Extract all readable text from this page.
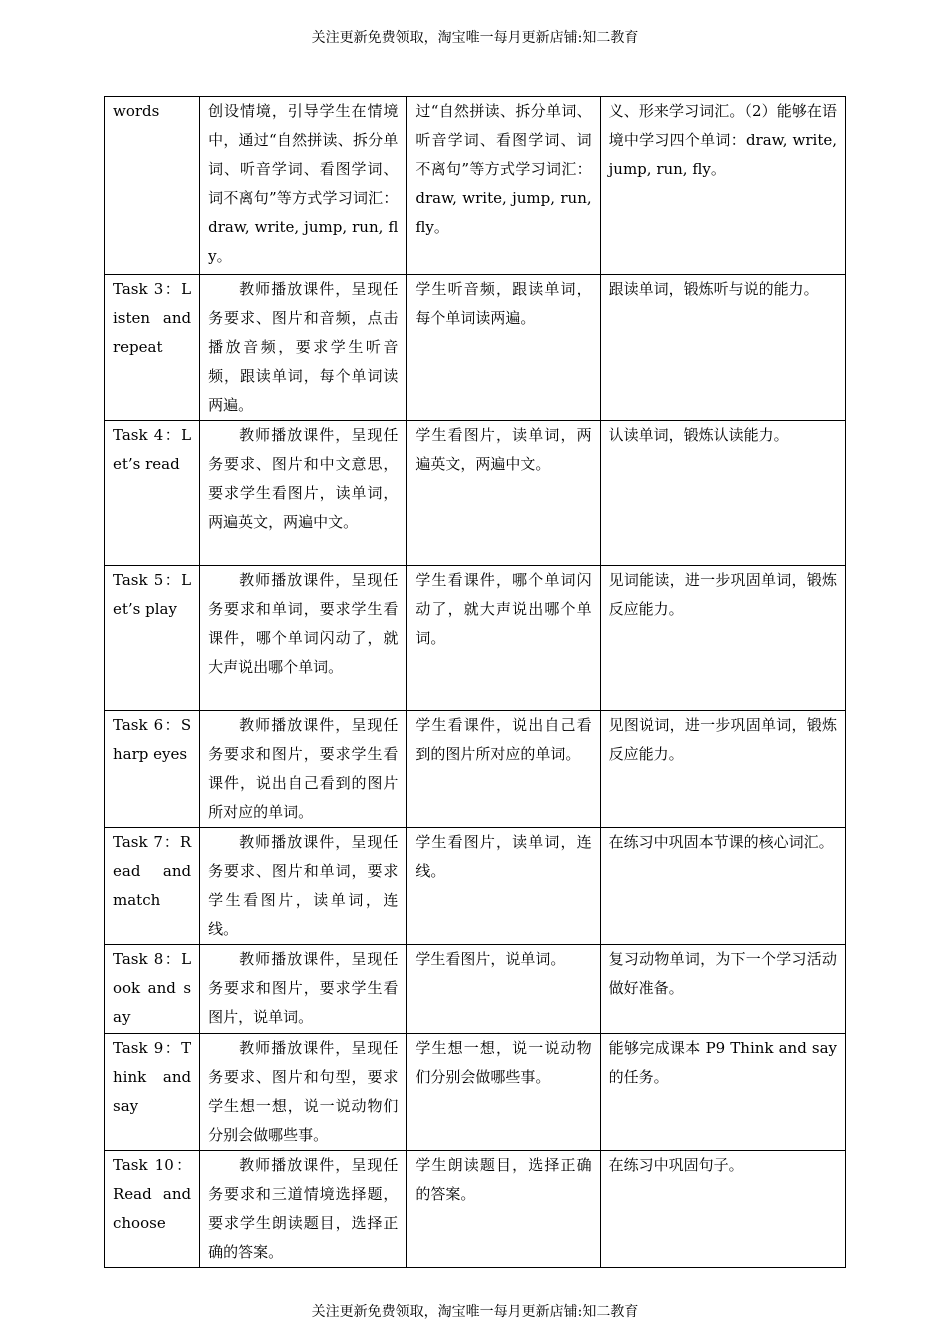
关注更新免费领取，淘宝唯一每月更新店铺:知二教育
words	创设情境，引导学生在情境中，通过“自然拼读、拆分单词、听音学词、看图学词、词不离句”等方式学习词汇：draw, write, jump, run, fly。	过“自然拼读、拆分单词、听音学词、看图学词、词不离句”等方式学习词汇：draw, write, jump, run, fly。	义、形来学习词汇。（2）能够在语境中学习四个单词：draw, write, jump, run, fly。
Task 3：Listen and repeat	教师播放课件，呈现任务要求、图片和音频，点击播放音频，要求学生听音频，跟读单词，每个单词读两遍。	学生听音频，跟读单词，每个单词读两遍。	跟读单词，锻炼听与说的能力。
Task 4：Let’s read	教师播放课件，呈现任务要求、图片和中文意思，要求学生看图片，读单词，两遍英文，两遍中文。	学生看图片，读单词，两遍英文，两遍中文。	认读单词，锻炼认读能力。
Task 5：Let’s play	教师播放课件，呈现任务要求和单词，要求学生看课件，哪个单词闪动了，就大声说出哪个单词。	学生看课件，哪个单词闪动了，就大声说出哪个单词。	见词能读，进一步巩固单词，锻炼反应能力。
Task 6：Sharp eyes	教师播放课件，呈现任务要求和图片，要求学生看课件，说出自己看到的图片所对应的单词。	学生看课件，说出自己看到的图片所对应的单词。	见图说词，进一步巩固单词，锻炼反应能力。
Task 7：Read and match	教师播放课件，呈现任务要求、图片和单词，要求学生看图片，读单词，连线。	学生看图片，读单词，连线。	在练习中巩固本节课的核心词汇。
Task 8：Look and say	教师播放课件，呈现任务要求和图片，要求学生看图片，说单词。	学生看图片，说单词。	复习动物单词，为下一个学习活动做好准备。
Task 9：Think and say	教师播放课件，呈现任务要求、图片和句型，要求学生想一想，说一说动物们分别会做哪些事。	学生想一想，说一说动物们分别会做哪些事。	能够完成课本 P9 Think and say 的任务。
Task 10：Read and choose	教师播放课件，呈现任务要求和三道情境选择题，要求学生朗读题目，选择正确的答案。	学生朗读题目，选择正确的答案。	在练习中巩固句子。
关注更新免费领取，淘宝唯一每月更新店铺:知二教育
